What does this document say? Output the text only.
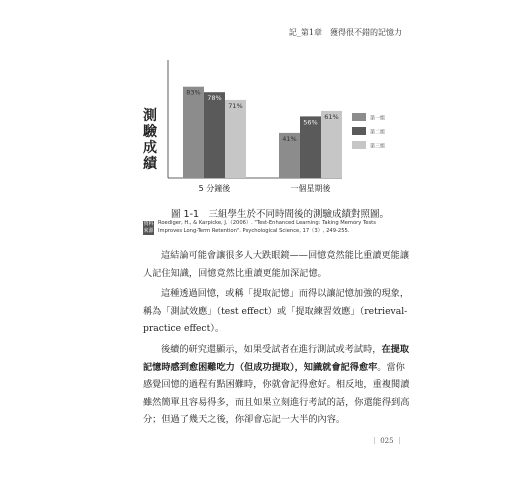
記_第1章　獲得很不錯的記憶力
測驗成績
83%
78%
71%
5 分鐘後
41%
56%
61%
一個星期後
第一組
第二組
第三組
圖 1-1　三組學生於不同時間後的測驗成績對照圖。
資料來源
Roediger, H., & Karpicke, J.（2006）. "Test-Enhanced Learning: Taking Memory Tests Improves Long-Term Retention". Psychological Science, 17（3）, 249-255.

這結論可能會讓很多人大跌眼鏡——回憶竟然能比重讀更能讓人記住知識，回憶竟然比重讀更能加深記憶。

這種透過回憶，或稱「提取記憶」而得以讓記憶加強的現象，稱為「測試效應」（test effect）或「提取練習效應」（retrieval-practice effect）。

後續的研究還顯示，如果受試者在進行測試或考試時，在提取記憶時感到愈困難吃力（但成功提取），知識就會記得愈牢。當你感覺回憶的過程有點困難時，你就會記得愈好。相反地，重複閱讀雖然簡單且容易得多，而且如果立刻進行考試的話，你還能得到高分；但過了幾天之後，你卻會忘記一大半的內容。

｜ 025 ｜
